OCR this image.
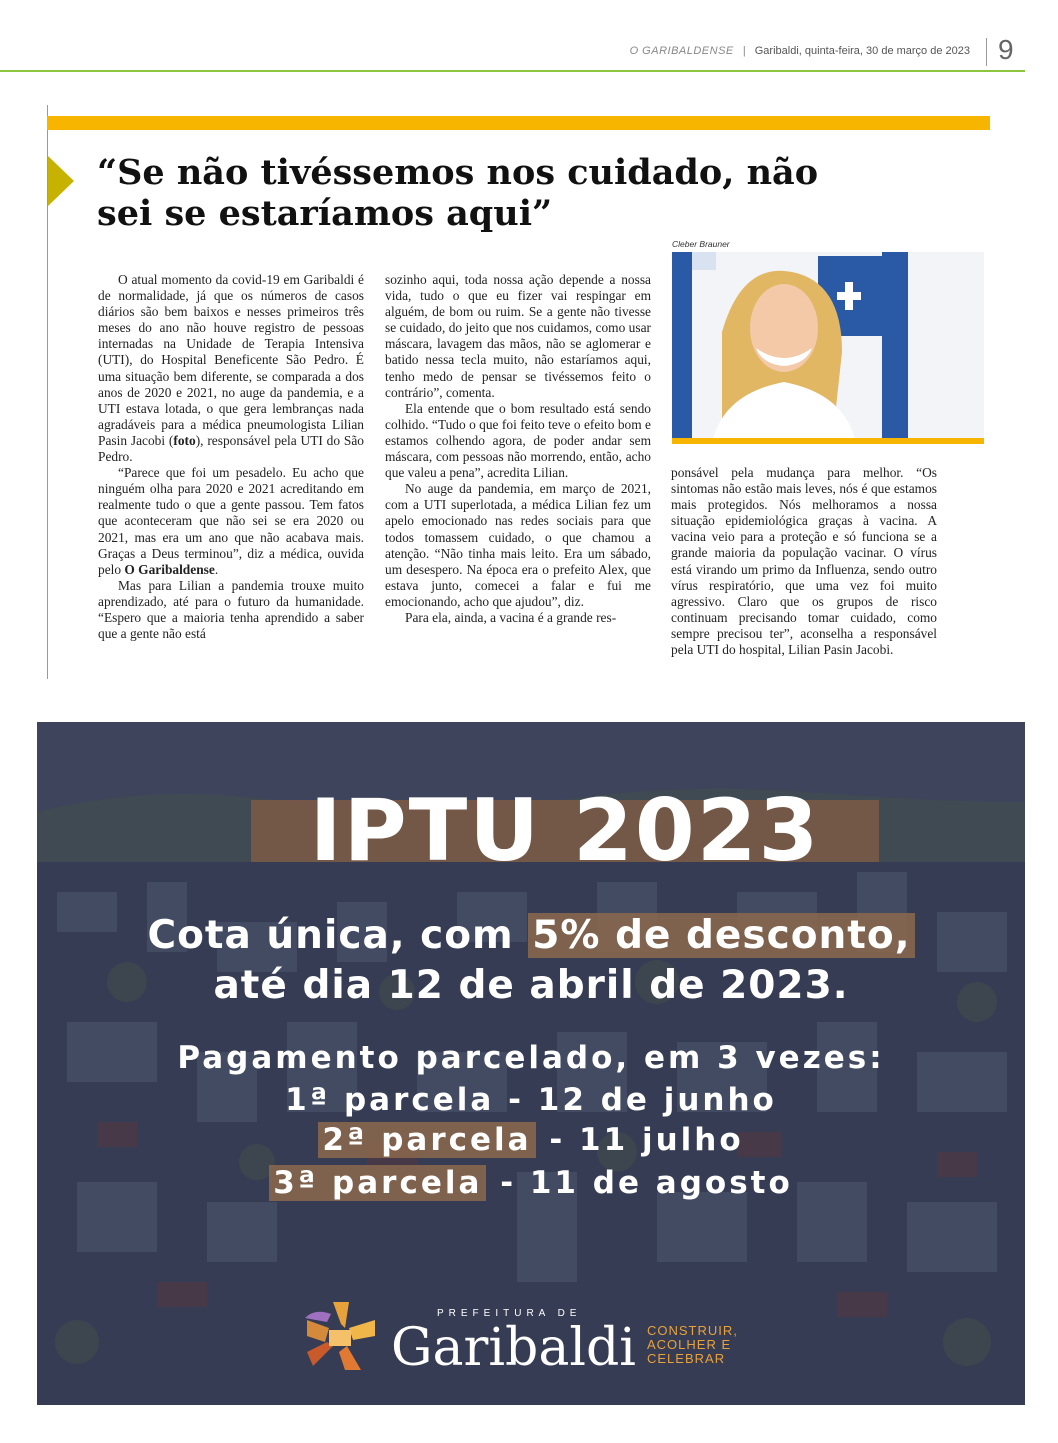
O GARIBALDENSE | Garibaldi, quinta-feira, 30 de março de 2023 9
“Se não tivéssemos nos cuidado, não
sei se estaríamos aqui”

O atual momento da covid-19 em Garibaldi é de normalidade, já que os números de casos diários são bem baixos e nesses primeiros três meses do ano não houve registro de pessoas internadas na Unidade de Terapia Intensiva (UTI), do Hospital Beneficente São Pedro. É uma situação bem diferente, se comparada a dos anos de 2020 e 2021, no auge da pandemia, e a UTI estava lotada, o que gera lembranças nada agradáveis para a médica pneumologista Lilian Pasin Jacobi (foto), responsável pela UTI do São Pedro.

“Parece que foi um pesadelo. Eu acho que ninguém olha para 2020 e 2021 acreditando em realmente tudo o que a gente passou. Tem fatos que aconteceram que não sei se era 2020 ou 2021, mas era um ano que não acabava mais. Graças a Deus terminou”, diz a médica, ouvida pelo O Garibaldense.

Mas para Lilian a pandemia trouxe muito aprendizado, até para o futuro da humanidade. “Espero que a maioria tenha aprendido a saber que a gente não está

sozinho aqui, toda nossa ação depende a nossa vida, tudo o que eu fizer vai respingar em alguém, de bom ou ruim. Se a gente não tivesse se cuidado, do jeito que nos cuidamos, como usar máscara, lavagem das mãos, não se aglomerar e batido nessa tecla muito, não estaríamos aqui, tenho medo de pensar se tivéssemos feito o contrário”, comenta.

Ela entende que o bom resultado está sendo colhido. “Tudo o que foi feito teve o efeito bom e estamos colhendo agora, de poder andar sem máscara, com pessoas não morrendo, então, acho que valeu a pena”, acredita Lilian.

No auge da pandemia, em março de 2021, com a UTI superlotada, a médica Lilian fez um apelo emocionado nas redes sociais para que todos tomassem cuidado, o que chamou a atenção. “Não tinha mais leito. Era um sábado, um desespero. Na época era o prefeito Alex, que estava junto, comecei a falar e fui me emocionando, acho que ajudou”, diz.

Para ela, ainda, a vacina é a grande res-

Cleber Brauner

ponsável pela mudança para melhor. “Os sintomas não estão mais leves, nós é que estamos mais protegidos. Nós melhoramos a nossa situação epidemiológica graças à vacina. A vacina veio para a proteção e só funciona se a grande maioria da população vacinar. O vírus está virando um primo da Influenza, sendo outro vírus respiratório, que uma vez foi muito agressivo. Claro que os grupos de risco continuam precisando tomar cuidado, como sempre precisou ter”, aconselha a responsável pela UTI do hospital, Lilian Pasin Jacobi.

IPTU 2023
Cota única, com 5% de desconto,
até dia 12 de abril de 2023.
Pagamento parcelado, em 3 vezes:
1ª parcela - 12 de junho
2ª parcela - 11 julho
3ª parcela - 11 de agosto
PREFEITURA DE
Garibaldi CONSTRUIR,
ACOLHER E
CELEBRAR
